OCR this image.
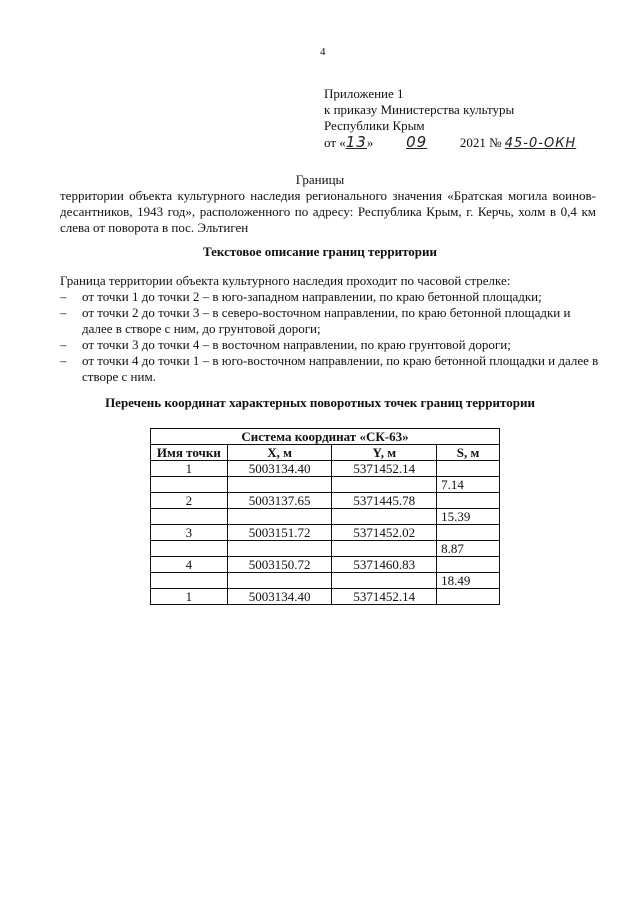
4
Приложение 1
к приказу Министерства культуры
Республики Крым
от «13» 09	2021 № 45-0-ОКН
Границы
территории объекта культурного наследия регионального значения «Братская могила воинов-десантников, 1943 год», расположенного по адресу: Республика Крым, г. Керчь, холм в 0,4 км слева от поворота в пос. Эльтиген
Текстовое описание границ территории
Граница территории объекта культурного наследия проходит по часовой стрелке:
– от точки 1 до точки 2 – в юго-западном направлении, по краю бетонной площадки;
– от точки 2 до точки 3 – в северо-восточном направлении, по краю бетонной площадки и далее в створе с ним, до грунтовой дороги;
– от точки 3 до точки 4 – в восточном направлении, по краю грунтовой дороги;
– от точки 4 до точки 1 – в юго-восточном направлении, по краю бетонной площадки и далее в створе с ним.
Перечень координат характерных поворотных точек границ территории
Система координат «СК-63»			
Имя точки	X, м	Y, м	S, м
1	5003134.40	5371452.14	
			7.14
2	5003137.65	5371445.78	
			15.39
3	5003151.72	5371452.02	
			8.87
4	5003150.72	5371460.83	
			18.49
1	5003134.40	5371452.14	
